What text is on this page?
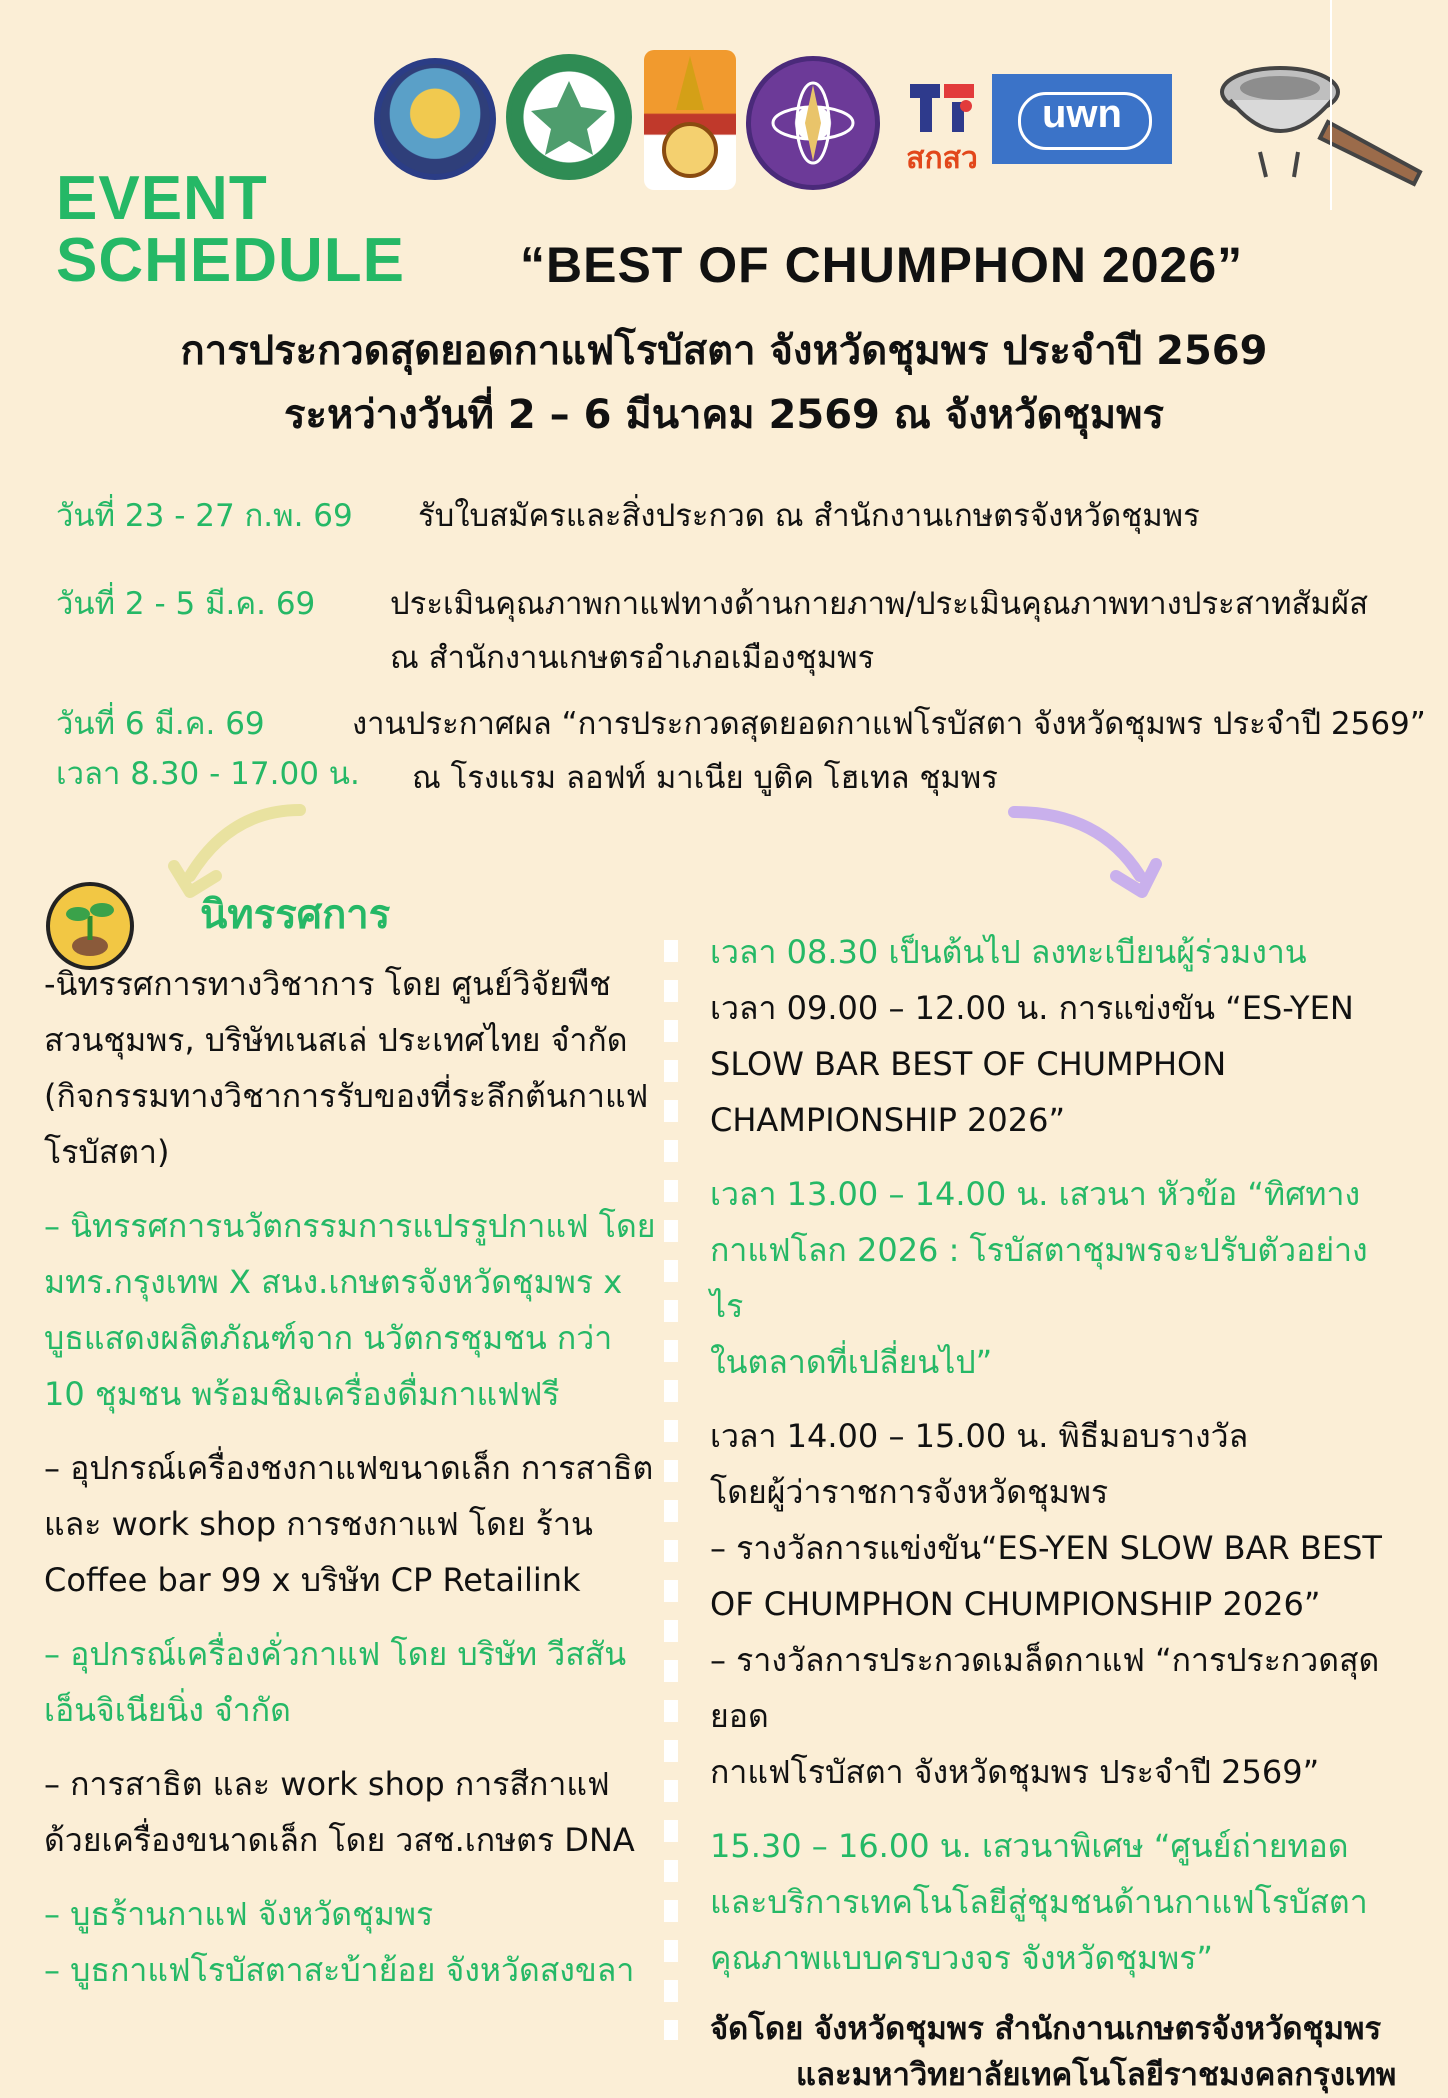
สกสว
uwn
EVENT
SCHEDULE “BEST OF CHUMPHON 2026”
การประกวดสุดยอดกาแฟโรบัสตา จังหวัดชุมพร ประจำปี 2569
ระหว่างวันที่ 2 – 6 มีนาคม 2569 ณ จังหวัดชุมพร
วันที่ 23 - 27 ก.พ. 69 รับใบสมัครและสิ่งประกวด ณ สำนักงานเกษตรจังหวัดชุมพร
วันที่ 2 - 5 มี.ค. 69 ประเมินคุณภาพกาแฟทางด้านกายภาพ/ประเมินคุณภาพทางประสาทสัมผัส
ณ สำนักงานเกษตรอำเภอเมืองชุมพร
วันที่ 6 มี.ค. 69
เวลา 8.30 - 17.00 น.
งานประกาศผล “การประกวดสุดยอดกาแฟโรบัสตา จังหวัดชุมพร ประจำปี 2569”
ณ โรงแรม ลอฟท์ มาเนีย บูติค โฮเทล ชุมพร
นิทรรศการ

-นิทรรศการทางวิชาการ โดย ศูนย์วิจัยพืช

สวนชุมพร, บริษัทเนสเล่ ประเทศไทย จำกัด

(กิจกรรมทางวิชาการรับของที่ระลึกต้นกาแฟ

โรบัสตา)

– นิทรรศการนวัตกรรมการแปรรูปกาแฟ โดย

มทร.กรุงเทพ X สนง.เกษตรจังหวัดชุมพร x

บูธแสดงผลิตภัณฑ์จาก นวัตกรชุมชน กว่า

10 ชุมชน พร้อมชิมเครื่องดื่มกาแฟฟรี

– อุปกรณ์เครื่องชงกาแฟขนาดเล็ก การสาธิต

และ work shop การชงกาแฟ โดย ร้าน

Coffee bar 99 x บริษัท CP Retailink

– อุปกรณ์เครื่องคั่วกาแฟ โดย บริษัท วีสสัน

เอ็นจิเนียนิ่ง จำกัด

– การสาธิต และ work shop การสีกาแฟ

ด้วยเครื่องขนาดเล็ก โดย วสช.เกษตร DNA

– บูธร้านกาแฟ จังหวัดชุมพร

– บูธกาแฟโรบัสตาสะบ้าย้อย จังหวัดสงขลา

เวลา 08.30 เป็นต้นไป ลงทะเบียนผู้ร่วมงาน

เวลา 09.00 – 12.00 น. การแข่งขัน “ES-YEN

SLOW BAR BEST OF CHUMPHON

CHAMPIONSHIP 2026”

เวลา 13.00 – 14.00 น. เสวนา หัวข้อ “ทิศทาง

กาแฟโลก 2026 : โรบัสตาชุมพรจะปรับตัวอย่างไร

ในตลาดที่เปลี่ยนไป”

เวลา 14.00 – 15.00 น. พิธีมอบรางวัล

โดยผู้ว่าราชการจังหวัดชุมพร

– รางวัลการแข่งขัน“ES-YEN SLOW BAR BEST

OF CHUMPHON CHUMPIONSHIP 2026”

– รางวัลการประกวดเมล็ดกาแฟ “การประกวดสุดยอด

กาแฟโรบัสตา จังหวัดชุมพร ประจำปี 2569”

15.30 – 16.00 น. เสวนาพิเศษ “ศูนย์ถ่ายทอด

และบริการเทคโนโลยีสู่ชุมชนด้านกาแฟโรบัสตา

คุณภาพแบบครบวงจร จังหวัดชุมพร”

จัดโดย จังหวัดชุมพร สำนักงานเกษตรจังหวัดชุมพร
และมหาวิทยาลัยเทคโนโลยีราชมงคลกรุงเทพ
